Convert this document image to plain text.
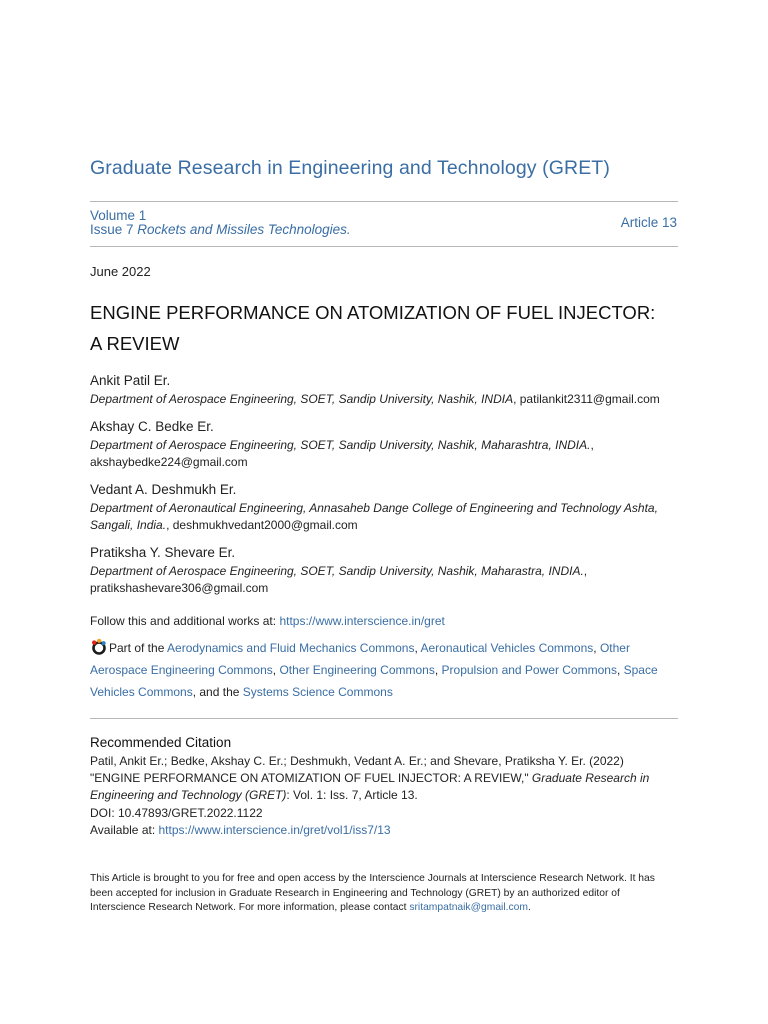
Graduate Research in Engineering and Technology (GRET)
Volume 1
Issue 7 Rockets and Missiles Technologies.	Article 13
June 2022
ENGINE PERFORMANCE ON ATOMIZATION OF FUEL INJECTOR:
A REVIEW
Ankit Patil Er.
Department of Aerospace Engineering, SOET, Sandip University, Nashik, INDIA, patilankit2311@gmail.com
Akshay C. Bedke Er.
Department of Aerospace Engineering, SOET, Sandip University, Nashik, Maharashtra, INDIA., akshaybedke224@gmail.com
Vedant A. Deshmukh Er.
Department of Aeronautical Engineering, Annasaheb Dange College of Engineering and Technology Ashta, Sangali, India., deshmukhvedant2000@gmail.com
Pratiksha Y. Shevare Er.
Department of Aerospace Engineering, SOET, Sandip University, Nashik, Maharastra, INDIA., pratikshashevare306@gmail.com
Follow this and additional works at: https://www.interscience.in/gret
Part of the Aerodynamics and Fluid Mechanics Commons, Aeronautical Vehicles Commons, Other Aerospace Engineering Commons, Other Engineering Commons, Propulsion and Power Commons, Space Vehicles Commons, and the Systems Science Commons
Recommended Citation
Patil, Ankit Er.; Bedke, Akshay C. Er.; Deshmukh, Vedant A. Er.; and Shevare, Pratiksha Y. Er. (2022)
"ENGINE PERFORMANCE ON ATOMIZATION OF FUEL INJECTOR: A REVIEW," Graduate Research in Engineering and Technology (GRET): Vol. 1: Iss. 7, Article 13.
DOI: 10.47893/GRET.2022.1122
Available at: https://www.interscience.in/gret/vol1/iss7/13
This Article is brought to you for free and open access by the Interscience Journals at Interscience Research Network. It has been accepted for inclusion in Graduate Research in Engineering and Technology (GRET) by an authorized editor of Interscience Research Network. For more information, please contact sritampatnaik@gmail.com.
